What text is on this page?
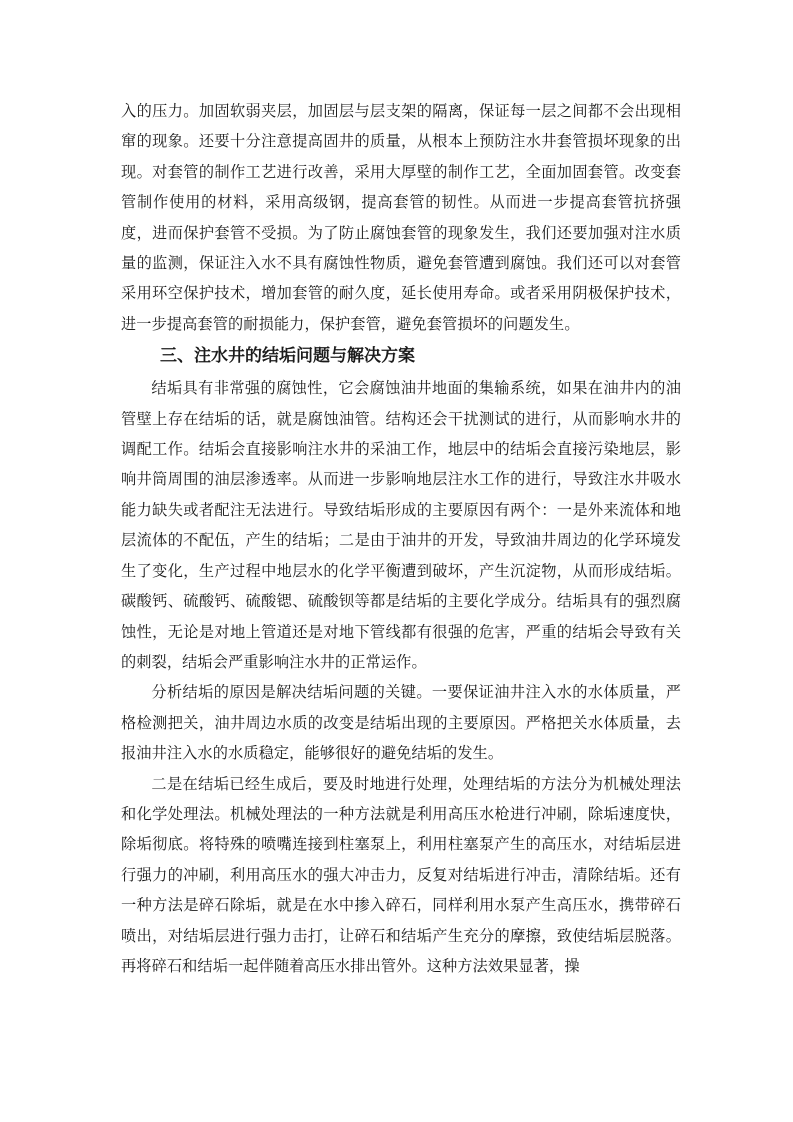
入的压力。加固软弱夹层，加固层与层支架的隔离，保证每一层之间都不会出现相窜的现象。还要十分注意提高固井的质量，从根本上预防注水井套管损坏现象的出现。对套管的制作工艺进行改善，采用大厚壁的制作工艺，全面加固套管。改变套管制作使用的材料，采用高级钢，提高套管的韧性。从而进一步提高套管抗挤强度，进而保护套管不受损。为了防止腐蚀套管的现象发生，我们还要加强对注水质量的监测，保证注入水不具有腐蚀性物质，避免套管遭到腐蚀。我们还可以对套管采用环空保护技术，增加套管的耐久度，延长使用寿命。或者采用阴极保护技术，进一步提高套管的耐损能力，保护套管，避免套管损坏的问题发生。

三、注水井的结垢问题与解决方案

结垢具有非常强的腐蚀性，它会腐蚀油井地面的集输系统，如果在油井内的油管壁上存在结垢的话，就是腐蚀油管。结构还会干扰测试的进行，从而影响水井的调配工作。结垢会直接影响注水井的采油工作，地层中的结垢会直接污染地层，影响井筒周围的油层渗透率。从而进一步影响地层注水工作的进行，导致注水井吸水能力缺失或者配注无法进行。导致结垢形成的主要原因有两个：一是外来流体和地层流体的不配伍，产生的结垢；二是由于油井的开发，导致油井周边的化学环境发生了变化，生产过程中地层水的化学平衡遭到破坏，产生沉淀物，从而形成结垢。碳酸钙、硫酸钙、硫酸锶、硫酸钡等都是结垢的主要化学成分。结垢具有的强烈腐蚀性，无论是对地上管道还是对地下管线都有很强的危害，严重的结垢会导致有关的刺裂，结垢会严重影响注水井的正常运作。

分析结垢的原因是解决结垢问题的关键。一要保证油井注入水的水体质量，严格检测把关，油井周边水质的改变是结垢出现的主要原因。严格把关水体质量，去报油井注入水的水质稳定，能够很好的避免结垢的发生。

二是在结垢已经生成后，要及时地进行处理，处理结垢的方法分为机械处理法和化学处理法。机械处理法的一种方法就是利用高压水枪进行冲刷，除垢速度快，除垢彻底。将特殊的喷嘴连接到柱塞泵上，利用柱塞泵产生的高压水，对结垢层进行强力的冲刷，利用高压水的强大冲击力，反复对结垢进行冲击，清除结垢。还有一种方法是碎石除垢，就是在水中掺入碎石，同样利用水泵产生高压水，携带碎石喷出，对结垢层进行强力击打，让碎石和结垢产生充分的摩擦，致使结垢层脱落。再将碎石和结垢一起伴随着高压水排出管外。这种方法效果显著，操
